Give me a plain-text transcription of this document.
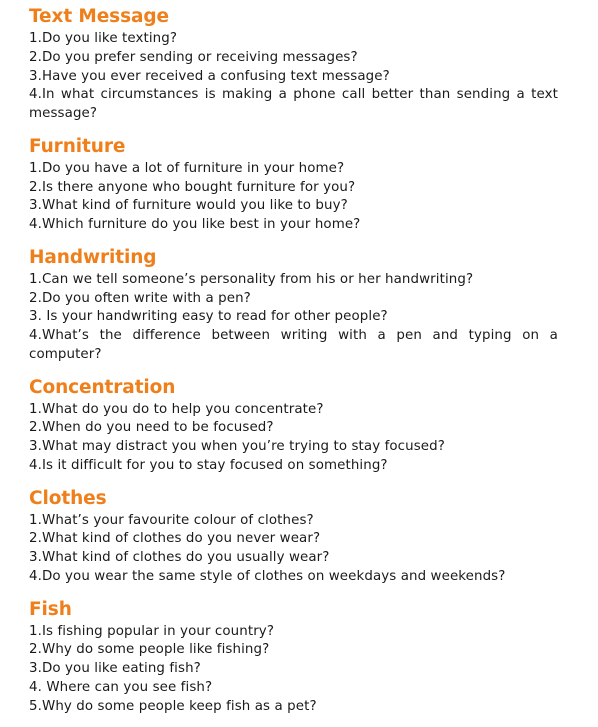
Text Message

1.Do you like texting?

2.Do you prefer sending or receiving messages?

3.Have you ever received a confusing text message?

4.In what circumstances is making a phone call better than sending a text message?

Furniture

1.Do you have a lot of furniture in your home?

2.Is there anyone who bought furniture for you?

3.What kind of furniture would you like to buy?

4.Which furniture do you like best in your home?

Handwriting

1.Can we tell someone’s personality from his or her handwriting?

2.Do you often write with a pen?

3. Is your handwriting easy to read for other people?

4.What’s the difference between writing with a pen and typing on a computer?

Concentration

1.What do you do to help you concentrate?

2.When do you need to be focused?

3.What may distract you when you’re trying to stay focused?

4.Is it difficult for you to stay focused on something?

Clothes

1.What’s your favourite colour of clothes?

2.What kind of clothes do you never wear?

3.What kind of clothes do you usually wear?

4.Do you wear the same style of clothes on weekdays and weekends?

Fish

1.Is fishing popular in your country?

2.Why do some people like fishing?

3.Do you like eating fish?

4. Where can you see fish?

5.Why do some people keep fish as a pet?
